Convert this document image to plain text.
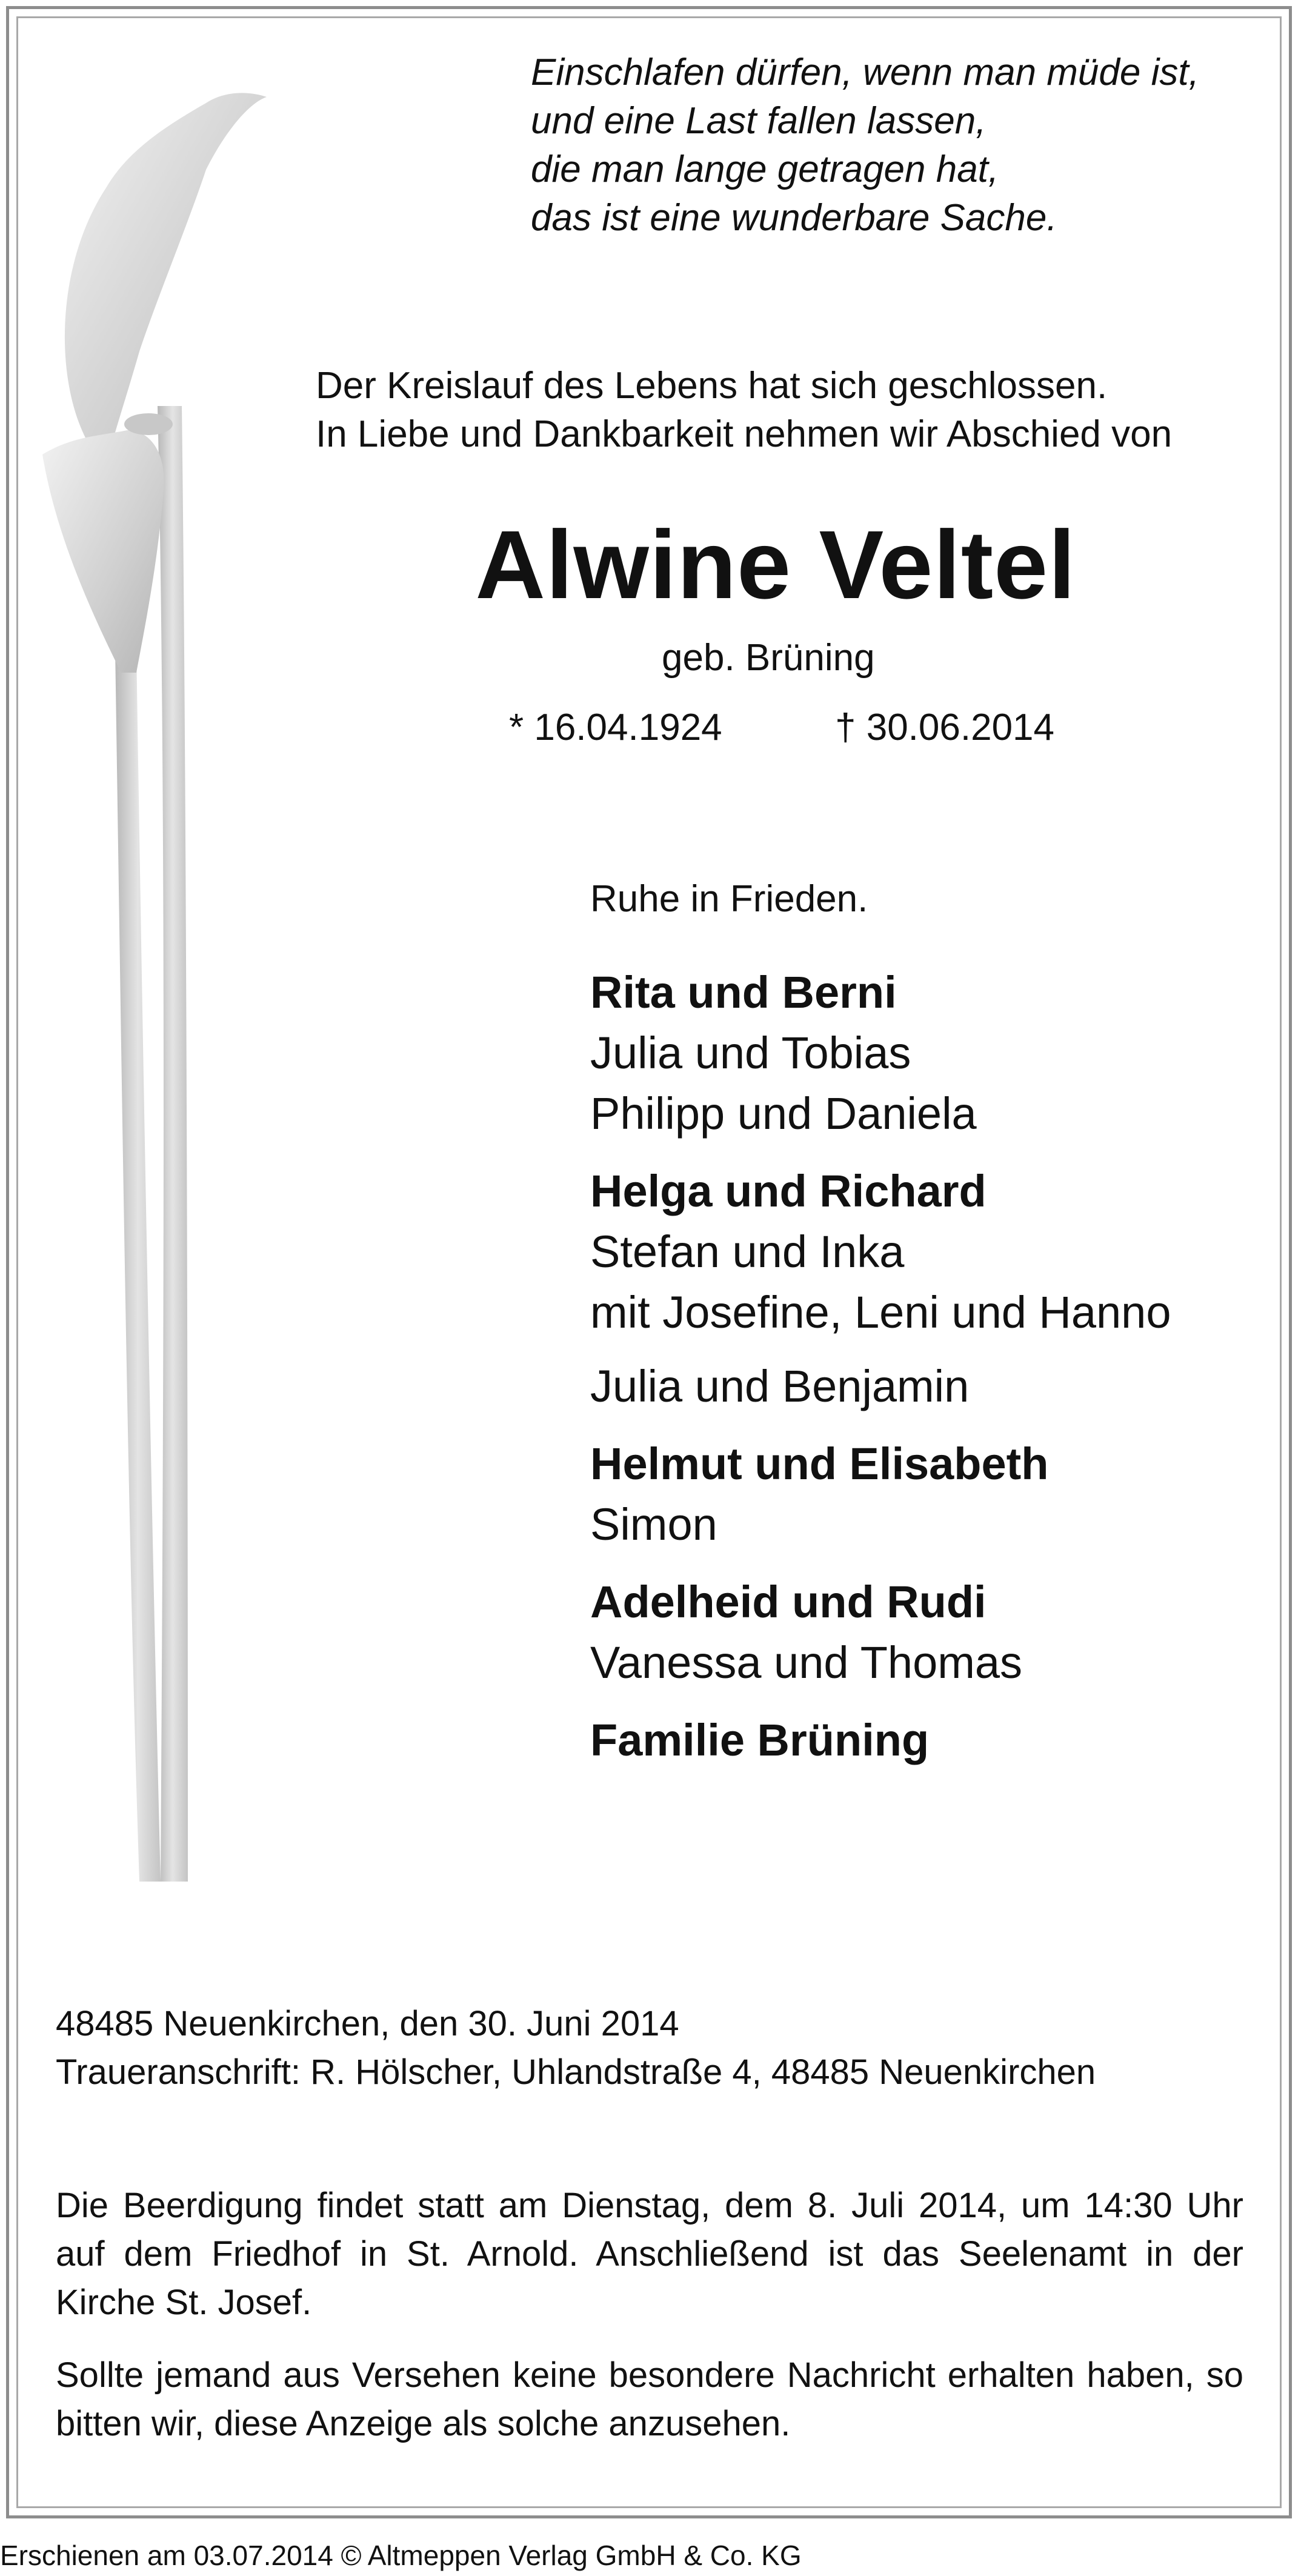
Einschlafen dürfen, wenn man müde ist,
und eine Last fallen lassen,
die man lange getragen hat,
das ist eine wunderbare Sache.
Der Kreislauf des Lebens hat sich geschlossen.
In Liebe und Dankbarkeit nehmen wir Abschied von
Alwine Veltel
geb. Brüning
* 16.04.1924	† 30.06.2014
Ruhe in Frieden.
Rita und Berni
Julia und Tobias
Philipp und Daniela
Helga und Richard
Stefan und Inka
mit Josefine, Leni und Hanno
Julia und Benjamin
Helmut und Elisabeth
Simon
Adelheid und Rudi
Vanessa und Thomas
Familie Brüning
48485 Neuenkirchen, den 30. Juni 2014
Traueranschrift: R. Hölscher, Uhlandstraße 4, 48485 Neuenkirchen
Die Beerdigung findet statt am Dienstag, dem 8. Juli 2014, um 14:30 Uhr auf dem Friedhof in St. Arnold. Anschließend ist das Seelenamt in der Kirche St. Josef.
Sollte jemand aus Versehen keine besondere Nachricht erhalten haben, so bitten wir, diese Anzeige als solche anzusehen.
Erschienen am 03.07.2014 © Altmeppen Verlag GmbH & Co. KG
